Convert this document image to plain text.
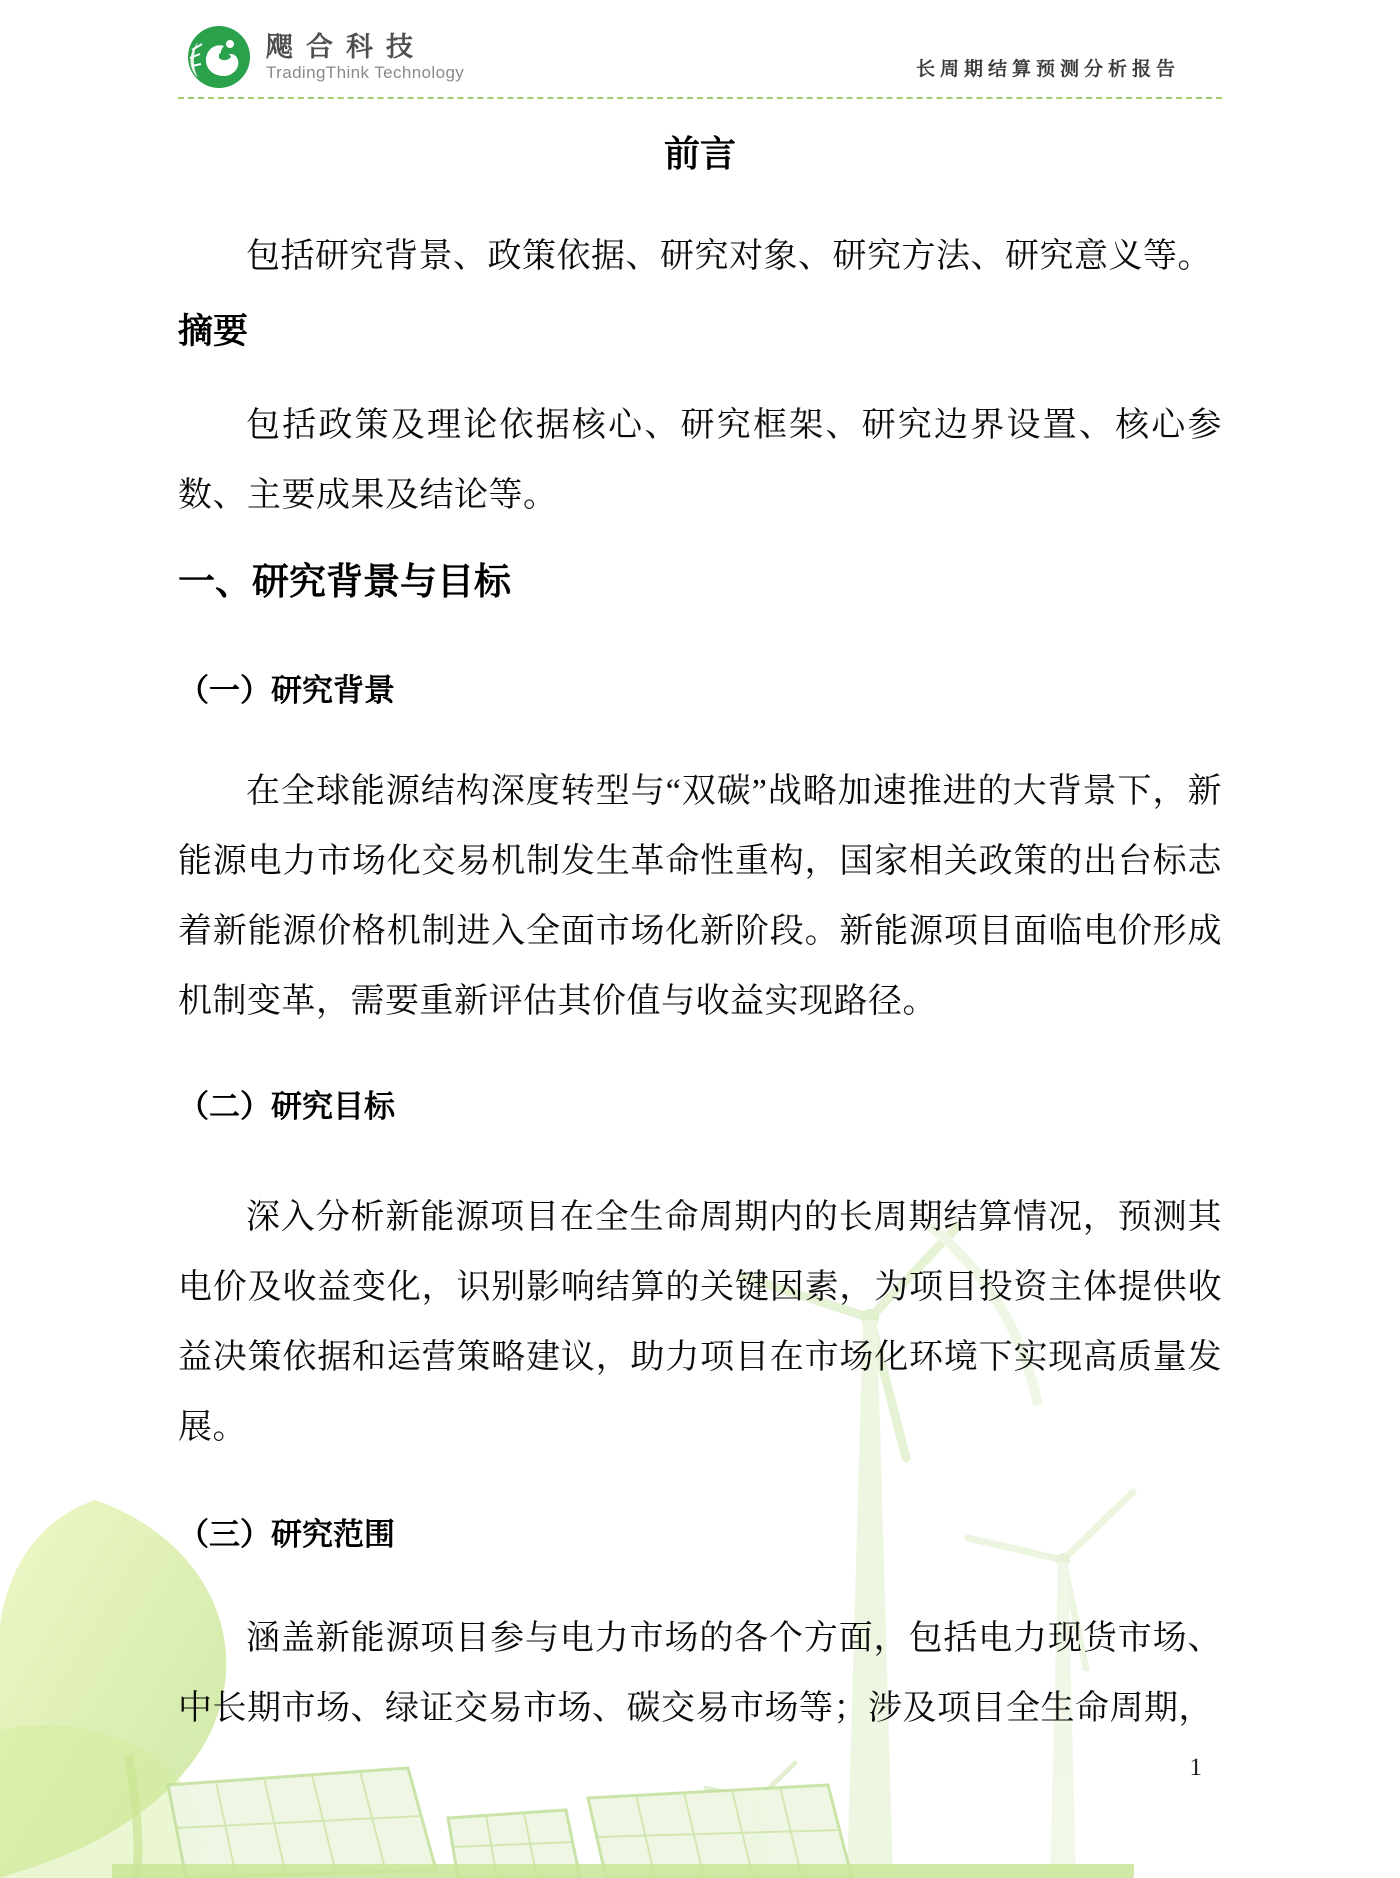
飔合科技
TradingThink Technology	长周期结算预测分析报告
前言

包括研究背景、政策依据、研究对象、研究方法、研究意义等。

摘要

包括政策及理论依据核心、研究框架、研究边界设置、核心参数、主要成果及结论等。

一、研究背景与目标
（一）研究背景

在全球能源结构深度转型与“双碳”战略加速推进的大背景下，新能源电力市场化交易机制发生革命性重构，国家相关政策的出台标志着新能源价格机制进入全面市场化新阶段。新能源项目面临电价形成机制变革，需要重新评估其价值与收益实现路径。

（二）研究目标

深入分析新能源项目在全生命周期内的长周期结算情况，预测其电价及收益变化，识别影响结算的关键因素，为项目投资主体提供收益决策依据和运营策略建议，助力项目在市场化环境下实现高质量发展。

（三）研究范围

涵盖新能源项目参与电力市场的各个方面，包括电力现货市场、中长期市场、绿证交易市场、碳交易市场等；涉及项目全生命周期，

1
